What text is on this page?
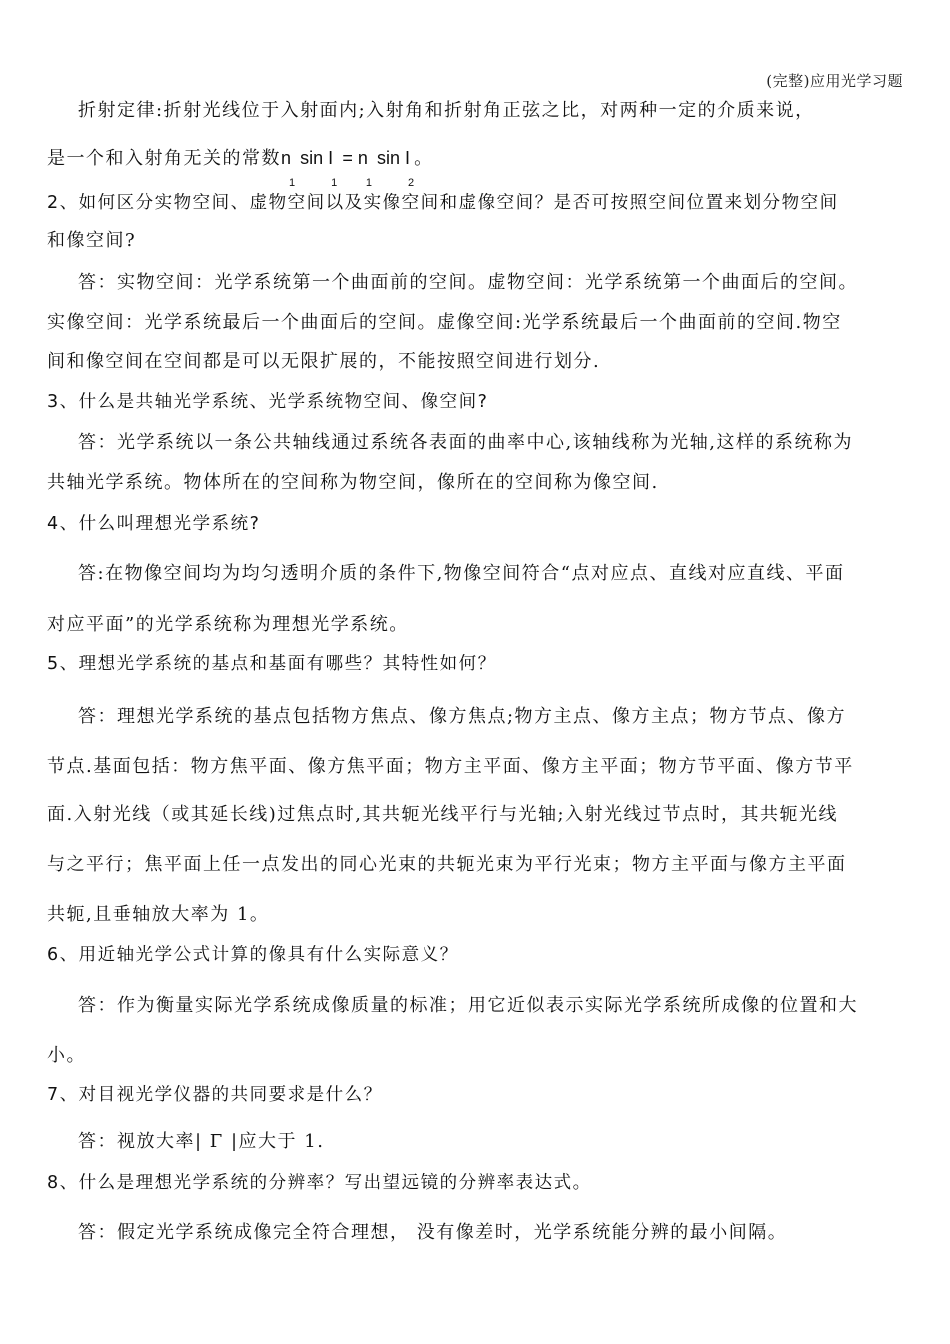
(完整)应用光学习题
折射定律:折射光线位于入射面内;入射角和折射角正弦之比，对两种一定的介质来说，
是一个和入射角无关的常数$n_1$ $\sin I_1 = n_1$ $\sin I_2$。
2、如何区分实物空间、虚物空间以及实像空间和虚像空间？是否可按照空间位置来划分物空间
和像空间?
答：实物空间：光学系统第一个曲面前的空间。虚物空间：光学系统第一个曲面后的空间。
实像空间：光学系统最后一个曲面后的空间。虚像空间:光学系统最后一个曲面前的空间.物空
间和像空间在空间都是可以无限扩展的，不能按照空间进行划分.
3、什么是共轴光学系统、光学系统物空间、像空间?
答：光学系统以一条公共轴线通过系统各表面的曲率中心,该轴线称为光轴,这样的系统称为
共轴光学系统。物体所在的空间称为物空间，像所在的空间称为像空间.
4、什么叫理想光学系统?
答:在物像空间均为均匀透明介质的条件下,物像空间符合“点对应点、直线对应直线、平面
对应平面”的光学系统称为理想光学系统。
5、理想光学系统的基点和基面有哪些？其特性如何？
答：理想光学系统的基点包括物方焦点、像方焦点;物方主点、像方主点；物方节点、像方
节点.基面包括：物方焦平面、像方焦平面；物方主平面、像方主平面；物方节平面、像方节平
面.入射光线（或其延长线)过焦点时,其共轭光线平行与光轴;入射光线过节点时，其共轭光线
与之平行；焦平面上任一点发出的同心光束的共轭光束为平行光束；物方主平面与像方主平面
共轭,且垂轴放大率为 1。
6、用近轴光学公式计算的像具有什么实际意义？
答：作为衡量实际光学系统成像质量的标准；用它近似表示实际光学系统所成像的位置和大
小。
7、对目视光学仪器的共同要求是什么？
答：视放大率| Γ |应大于 1.
8、什么是理想光学系统的分辨率？写出望远镜的分辨率表达式。
答：假定光学系统成像完全符合理想， 没有像差时，光学系统能分辨的最小间隔。
